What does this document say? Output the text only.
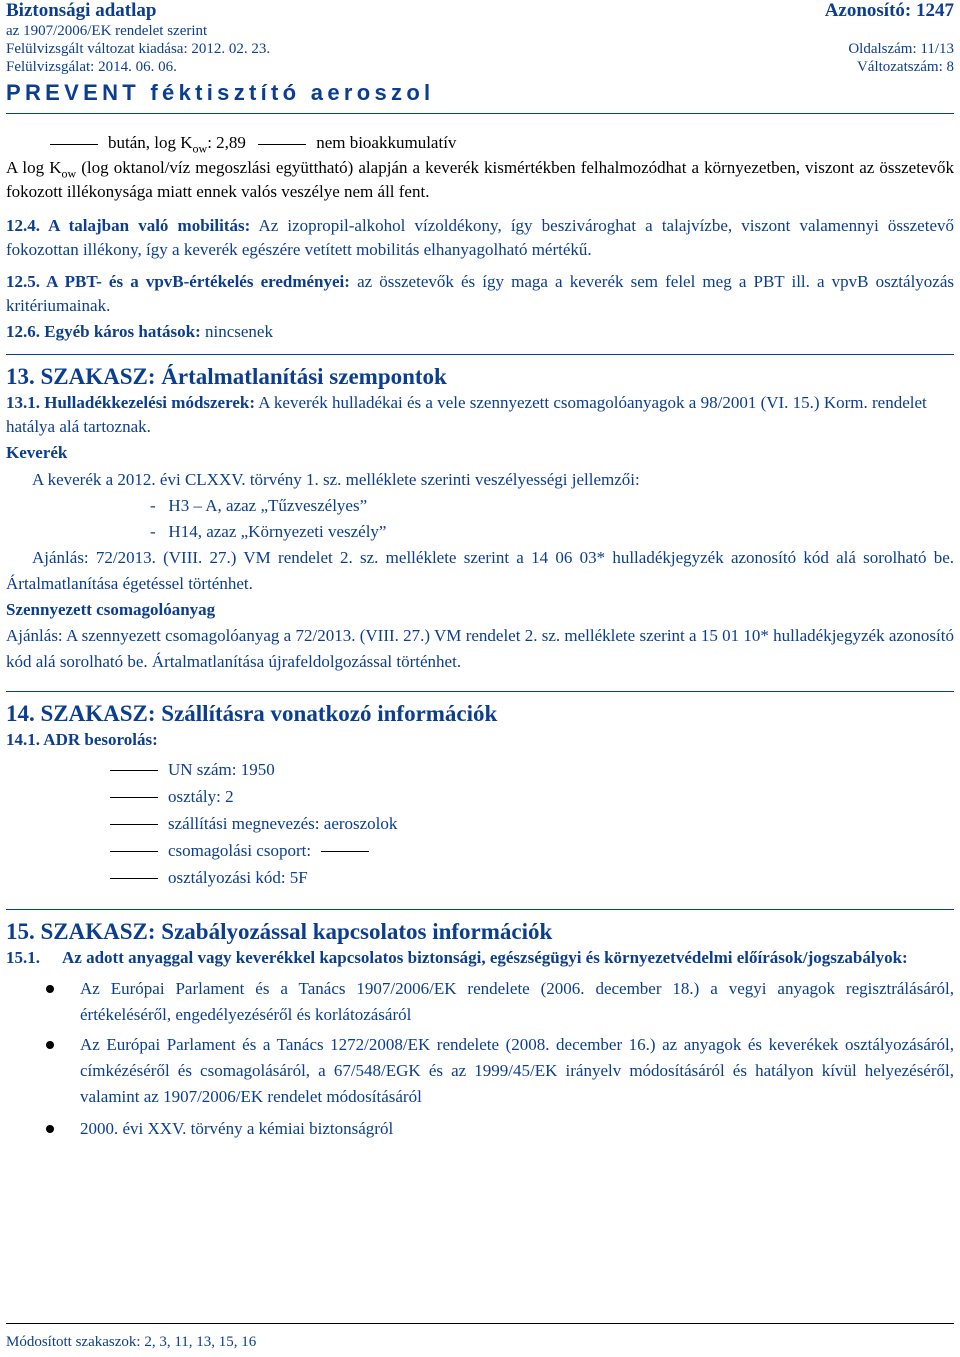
Biztonsági adatlap	Azonosító: 1247
az 1907/2006/EK rendelet szerint
Felülvizsgált változat kiadása: 2012. 02. 23.	Oldalszám: 11/13
Felülvizsgálat: 2014. 06. 06.	Változatszám: 8
PREVENT féktisztító aeroszol

bután, $\log K_{ow}$: 2,89	nem bioakkumulatív

A $\log K_{ow}$ (log oktanol/víz megoszlási együttható) alapján a keverék kismértékben felhalmozódhat a környezetben, viszont az összetevők fokozott illékonysága miatt ennek valós veszélye nem áll fent.

12.4. A talajban való mobilitás: Az izopropil-alkohol vízoldékony, így beszivároghat a talajvízbe, viszont valamennyi összetevő fokozottan illékony, így a keverék egészére vetített mobilitás elhanyagolható mértékű.

12.5. A PBT- és a vpvB-értékelés eredményei: az összetevők és így maga a keverék sem felel meg a PBT ill. a vpvB osztályozás kritériumainak.

12.6. Egyéb káros hatások: nincsenek

13. SZAKASZ: Ártalmatlanítási szempontok

13.1. Hulladékkezelési módszerek: A keverék hulladékai és a vele szennyezett csomagolóanyagok a 98/2001 (VI. 15.) Korm. rendelet hatálya alá tartoznak.

Keverék

A keverék a 2012. évi CLXXV. törvény 1. sz. melléklete szerinti veszélyességi jellemzői:

-   H3 – A, azaz „Tűzveszélyes”

-   H14, azaz „Környezeti veszély”

Ajánlás: 72/2013. (VIII. 27.) VM rendelet 2. sz. melléklete szerint a 14 06 03* hulladékjegyzék azonosító kód alá sorolható be. Ártalmatlanítása égetéssel történhet.

Szennyezett csomagolóanyag

Ajánlás: A szennyezett csomagolóanyag a 72/2013. (VIII. 27.) VM rendelet 2. sz. melléklete szerint a 15 01 10* hulladékjegyzék azonosító kód alá sorolható be. Ártalmatlanítása újrafeldolgozással történhet.

14. SZAKASZ: Szállításra vonatkozó információk

14.1. ADR besorolás:

UN szám: 1950

osztály: 2

szállítási megnevezés: aeroszolok

csomagolási csoport:

osztályozási kód: 5F

15. SZAKASZ: Szabályozással kapcsolatos információk
15.1.	Az adott anyaggal vagy keverékkel kapcsolatos biztonsági, egészségügyi és környezetvédelmi előírások/jogszabályok:

Az Európai Parlament és a Tanács 1907/2006/EK rendelete (2006. december 18.) a vegyi anyagok regisztrálásáról, értékeléséről, engedélyezéséről és korlátozásáról

Az Európai Parlament és a Tanács 1272/2008/EK rendelete (2008. december 16.) az anyagok és keverékek osztályozásáról, címkézéséről és csomagolásáról, a 67/548/EGK és az 1999/45/EK irányelv módosításáról és hatályon kívül helyezéséről, valamint az 1907/2006/EK rendelet módosításáról

2000. évi XXV. törvény a kémiai biztonságról

Módosított szakaszok: 2, 3, 11, 13, 15, 16
